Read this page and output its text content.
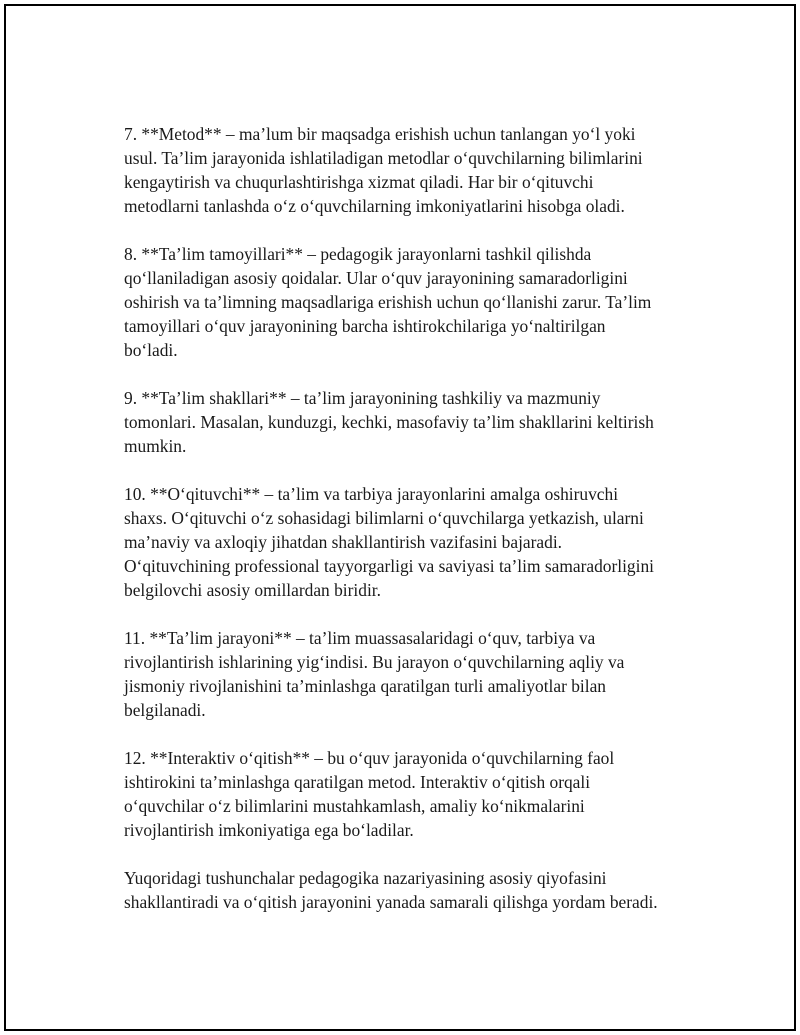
7. **Metod** – ma’lum bir maqsadga erishish uchun tanlangan yo‘l yoki
usul. Ta’lim jarayonida ishlatiladigan metodlar o‘quvchilarning bilimlarini
kengaytirish va chuqurlashtirishga xizmat qiladi. Har bir o‘qituvchi
metodlarni tanlashda o‘z o‘quvchilarning imkoniyatlarini hisobga oladi.

8. **Ta’lim tamoyillari** – pedagogik jarayonlarni tashkil qilishda
qo‘llaniladigan asosiy qoidalar. Ular o‘quv jarayonining samaradorligini
oshirish va ta’limning maqsadlariga erishish uchun qo‘llanishi zarur. Ta’lim
tamoyillari o‘quv jarayonining barcha ishtirokchilariga yo‘naltirilgan
bo‘ladi.

9. **Ta’lim shakllari** – ta’lim jarayonining tashkiliy va mazmuniy
tomonlari. Masalan, kunduzgi, kechki, masofaviy ta’lim shakllarini keltirish
mumkin.

10. **O‘qituvchi** – ta’lim va tarbiya jarayonlarini amalga oshiruvchi
shaxs. O‘qituvchi o‘z sohasidagi bilimlarni o‘quvchilarga yetkazish, ularni
ma’naviy va axloqiy jihatdan shakllantirish vazifasini bajaradi.
O‘qituvchining professional tayyorgarligi va saviyasi ta’lim samaradorligini
belgilovchi asosiy omillardan biridir.

11. **Ta’lim jarayoni** – ta’lim muassasalaridagi o‘quv, tarbiya va
rivojlantirish ishlarining yig‘indisi. Bu jarayon o‘quvchilarning aqliy va
jismoniy rivojlanishini ta’minlashga qaratilgan turli amaliyotlar bilan
belgilanadi.

12. **Interaktiv o‘qitish** – bu o‘quv jarayonida o‘quvchilarning faol
ishtirokini ta’minlashga qaratilgan metod. Interaktiv o‘qitish orqali
o‘quvchilar o‘z bilimlarini mustahkamlash, amaliy ko‘nikmalarini
rivojlantirish imkoniyatiga ega bo‘ladilar.

Yuqoridagi tushunchalar pedagogika nazariyasining asosiy qiyofasini
shakllantiradi va o‘qitish jarayonini yanada samarali qilishga yordam beradi.
